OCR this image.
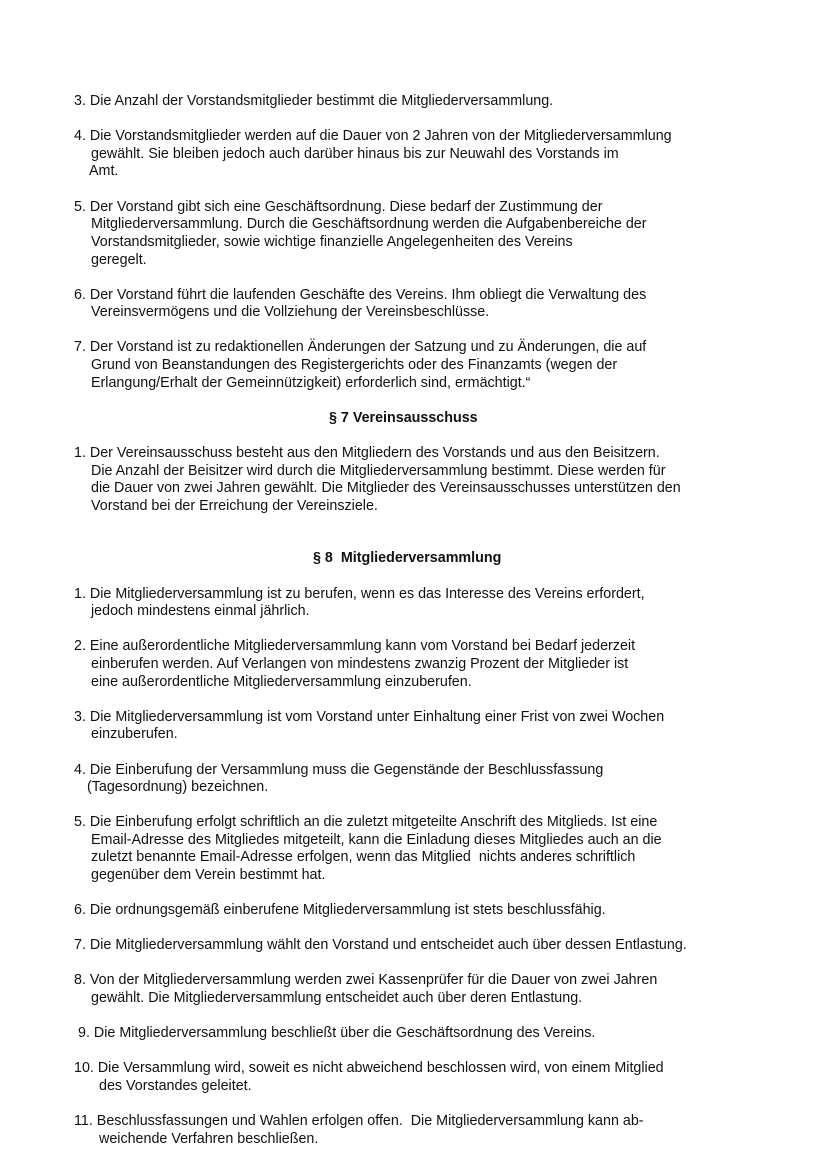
3. Die Anzahl der Vorstandsmitglieder bestimmt die Mitgliederversammlung.
4. Die Vorstandsmitglieder werden auf die Dauer von 2 Jahren von der Mitgliederversammlung
gewählt. Sie bleiben jedoch auch darüber hinaus bis zur Neuwahl des Vorstands im
Amt.
5. Der Vorstand gibt sich eine Geschäftsordnung. Diese bedarf der Zustimmung der
Mitgliederversammlung. Durch die Geschäftsordnung werden die Aufgabenbereiche der
Vorstandsmitglieder, sowie wichtige finanzielle Angelegenheiten des Vereins
geregelt.
6. Der Vorstand führt die laufenden Geschäfte des Vereins. Ihm obliegt die Verwaltung des
Vereinsvermögens und die Vollziehung der Vereinsbeschlüsse.
7. Der Vorstand ist zu redaktionellen Änderungen der Satzung und zu Änderungen, die auf
Grund von Beanstandungen des Registergerichts oder des Finanzamts (wegen der
Erlangung/Erhalt der Gemeinnützigkeit) erforderlich sind, ermächtigt.“
§ 7 Vereinsausschuss
1. Der Vereinsausschuss besteht aus den Mitgliedern des Vorstands und aus den Beisitzern.
Die Anzahl der Beisitzer wird durch die Mitgliederversammlung bestimmt. Diese werden für
die Dauer von zwei Jahren gewählt. Die Mitglieder des Vereinsausschusses unterstützen den
Vorstand bei der Erreichung der Vereinsziele.
§ 8  Mitgliederversammlung
1. Die Mitgliederversammlung ist zu berufen, wenn es das Interesse des Vereins erfordert,
jedoch mindestens einmal jährlich.
2. Eine außerordentliche Mitgliederversammlung kann vom Vorstand bei Bedarf jederzeit
einberufen werden. Auf Verlangen von mindestens zwanzig Prozent der Mitglieder ist
eine außerordentliche Mitgliederversammlung einzuberufen.
3. Die Mitgliederversammlung ist vom Vorstand unter Einhaltung einer Frist von zwei Wochen
einzuberufen.
4. Die Einberufung der Versammlung muss die Gegenstände der Beschlussfassung
(Tagesordnung) bezeichnen.
5. Die Einberufung erfolgt schriftlich an die zuletzt mitgeteilte Anschrift des Mitglieds. Ist eine
Email-Adresse des Mitgliedes mitgeteilt, kann die Einladung dieses Mitgliedes auch an die
zuletzt benannte Email-Adresse erfolgen, wenn das Mitglied  nichts anderes schriftlich
gegenüber dem Verein bestimmt hat.
6. Die ordnungsgemäß einberufene Mitgliederversammlung ist stets beschlussfähig.
7. Die Mitgliederversammlung wählt den Vorstand und entscheidet auch über dessen Entlastung.
8. Von der Mitgliederversammlung werden zwei Kassenprüfer für die Dauer von zwei Jahren
gewählt. Die Mitgliederversammlung entscheidet auch über deren Entlastung.
9. Die Mitgliederversammlung beschließt über die Geschäftsordnung des Vereins.
10. Die Versammlung wird, soweit es nicht abweichend beschlossen wird, von einem Mitglied
des Vorstandes geleitet.
11. Beschlussfassungen und Wahlen erfolgen offen.  Die Mitgliederversammlung kann ab-
weichende Verfahren beschließen.
